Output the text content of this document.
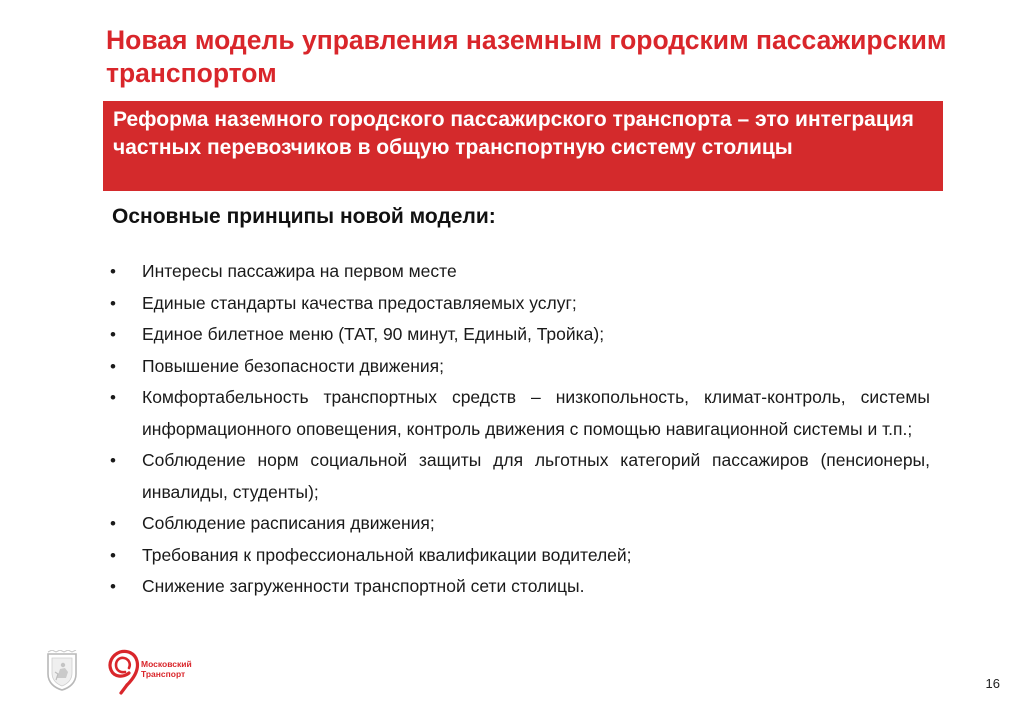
Новая модель управления наземным городским пассажирским транспортом

Реформа наземного городского пассажирского транспорта – это интеграция частных перевозчиков в общую транспортную систему столицы

Основные принципы новой модели:
• Интересы пассажира на первом месте
• Единые стандарты качества предоставляемых услуг;
• Единое билетное меню (ТАТ, 90 минут, Единый, Тройка);
• Повышение безопасности движения;
• Комфортабельность транспортных средств – низкопольность, климат-контроль, системы информационного оповещения, контроль движения с помощью навигационной системы и т.п.;
• Соблюдение норм социальной защиты для льготных категорий пассажиров (пенсионеры, инвалиды, студенты);
• Соблюдение расписания движения;
• Требования к профессиональной квалификации водителей;
• Снижение загруженности транспортной сети столицы.
Московский
Транспорт
16
